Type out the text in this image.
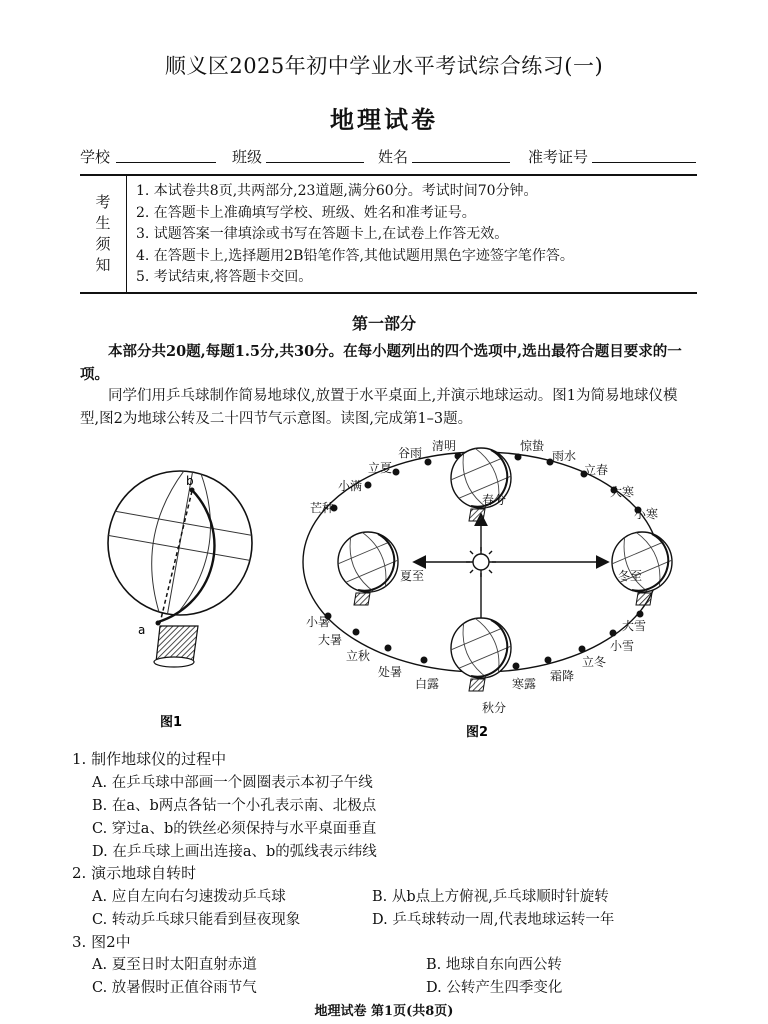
顺义区2025年初中学业水平考试综合练习(一)
地理试卷
学校	班级	姓名	准考证号
考
生
须
知
1. 本试卷共8页,共两部分,23道题,满分60分。考试时间70分钟。
2. 在答题卡上准确填写学校、班级、姓名和准考证号。
3. 试题答案一律填涂或书写在答题卡上,在试卷上作答无效。
4. 在答题卡上,选择题用2B铅笔作答,其他试题用黑色字迹签字笔作答。
5. 考试结束,将答题卡交回。
第一部分
本部分共20题,每题1.5分,共30分。在每小题列出的四个选项中,选出最符合题目要求的一项。
同学们用乒乓球制作简易地球仪,放置于水平桌面上,并演示地球运动。图1为简易地球仪模型,图2为地球公转及二十四节气示意图。读图,完成第1–3题。
b
a
图1
春分
清明
谷雨
立夏
小满
芒种
夏至
小暑
大暑
立秋
处暑
白露
秋分
寒露
霜降
立冬
小雪
大雪
冬至
小寒
大寒
立春
雨水
惊蛰
图2
1. 制作地球仪的过程中
A. 在乒乓球中部画一个圆圈表示本初子午线
B. 在a、b两点各钻一个小孔表示南、北极点
C. 穿过a、b的铁丝必须保持与水平桌面垂直
D. 在乒乓球上画出连接a、b的弧线表示纬线
2. 演示地球自转时
A. 应自左向右匀速拨动乒乓球	B. 从b点上方俯视,乒乓球顺时针旋转
C. 转动乒乓球只能看到昼夜现象	D. 乒乓球转动一周,代表地球运转一年
3. 图2中
A. 夏至日时太阳直射赤道	B. 地球自东向西公转
C. 放暑假时正值谷雨节气	D. 公转产生四季变化
地理试卷 第1页(共8页)
